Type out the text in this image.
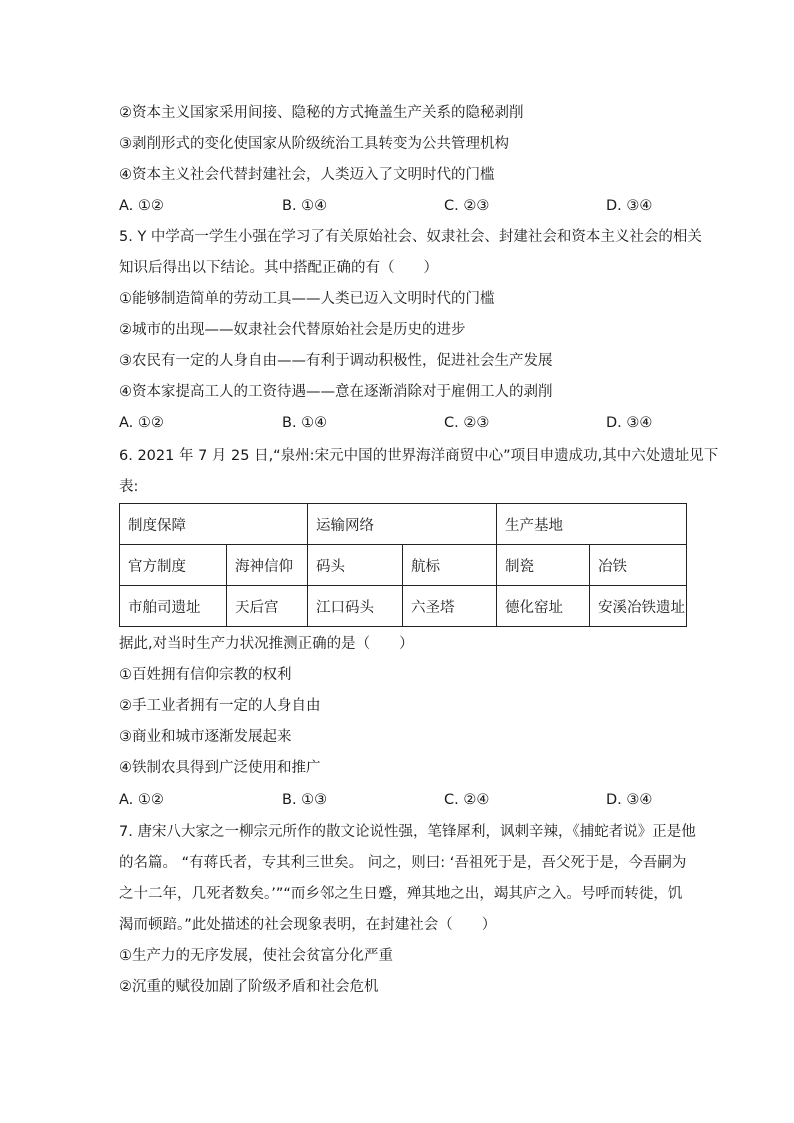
②资本主义国家采用间接、隐秘的方式掩盖生产关系的隐秘剥削
③剥削形式的变化使国家从阶级统治工具转变为公共管理机构
④资本主义社会代替封建社会，人类迈入了文明时代的门槛
A. ①②	B. ①④	C. ②③	D. ③④
5. Y 中学高一学生小强在学习了有关原始社会、奴隶社会、封建社会和资本主义社会的相关
知识后得出以下结论。其中搭配正确的有（　　）
①能够制造简单的劳动工具——人类已迈入文明时代的门槛
②城市的出现——奴隶社会代替原始社会是历史的进步
③农民有一定的人身自由——有利于调动积极性，促进社会生产发展
④资本家提高工人的工资待遇——意在逐渐消除对于雇佣工人的剥削
A. ①②	B. ①④	C. ②③	D. ③④
6. 2021 年 7 月 25 日,“泉州:宋元中国的世界海洋商贸中心”项目申遗成功,其中六处遗址见下
表:
制度保障		运输网络		生产基地	
官方制度	海神信仰	码头	航标	制瓷	冶铁
市舶司遗址	天后宫	江口码头	六圣塔	德化窑址	安溪冶铁遗址
据此,对当时生产力状况推测正确的是（　　）
①百姓拥有信仰宗教的权利
②手工业者拥有一定的人身自由
③商业和城市逐渐发展起来
④铁制农具得到广泛使用和推广
A. ①②	B. ①③	C. ②④	D. ③④
7. 唐宋八大家之一柳宗元所作的散文论说性强，笔锋犀利，讽刺辛辣，《捕蛇者说》正是他
的名篇。 “有蒋氏者，专其利三世矣。 问之，则曰: ‘吾祖死于是，吾父死于是，今吾嗣为
之十二年，几死者数矣。’”“而乡邻之生日蹙，殚其地之出，竭其庐之入。号呼而转徙，饥
渴而顿踣。”此处描述的社会现象表明，在封建社会（　　）
①生产力的无序发展，使社会贫富分化严重
②沉重的赋役加剧了阶级矛盾和社会危机
